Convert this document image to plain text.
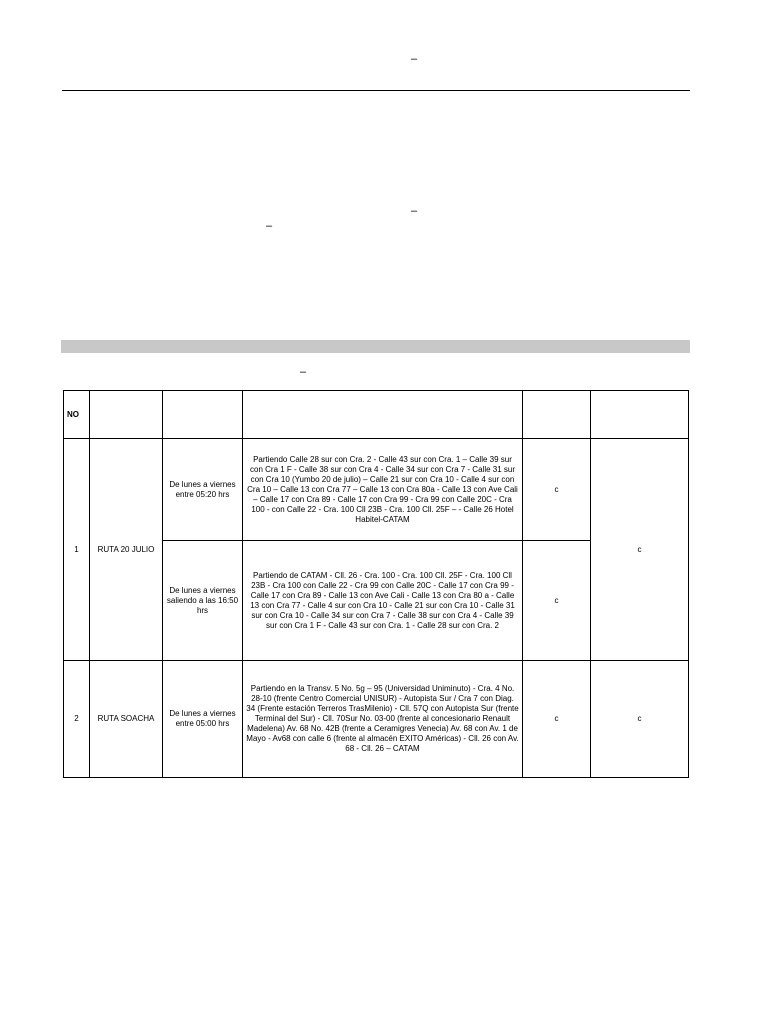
–
–
–
–
NO					
1	RUTA 20 JULIO	De lunes a viernes entre 05:20 hrs	Partiendo Calle 28 sur con Cra. 2 - Calle 43 sur con Cra. 1 – Calle 39 sur con Cra 1 F - Calle 38 sur con Cra 4 - Calle 34 sur con Cra 7 - Calle 31 sur con Cra 10 (Yumbo 20 de julio) – Calle 21 sur con Cra 10 - Calle 4 sur con Cra 10 – Calle 13 con Cra 77 – Calle 13 con Cra 80a - Calle 13 con Ave Cali – Calle 17 con Cra 89 - Calle 17 con Cra 99 - Cra 99 con Calle 20C - Cra 100 - con Calle 22 - Cra. 100 Cll 23B - Cra. 100 Cll. 25F – - Calle 26 Hotel Habitel-CATAM	c	c
		De lunes a viernes saliendo a las 16:50 hrs	Partiendo de CATAM - Cll. 26 - Cra. 100 - Cra. 100 Cll. 25F - Cra. 100 Cll 23B - Cra 100 con Calle 22 - Cra 99 con Calle 20C - Calle 17 con Cra 99 - Calle 17 con Cra 89 - Calle 13 con Ave Cali - Calle 13 con Cra 80 a - Calle 13 con Cra 77 - Calle 4 sur con Cra 10 - Calle 21 sur con Cra 10 - Calle 31 sur con Cra 10 - Calle 34 sur con Cra 7 - Calle 38 sur con Cra 4 - Calle 39 sur con Cra 1 F - Calle 43 sur con Cra. 1 - Calle 28 sur con Cra. 2	c	
2	RUTA SOACHA	De lunes a viernes entre 05:00 hrs	Partiendo en la Transv. 5 No. 5g – 95 (Universidad Uniminuto) - Cra. 4 No. 28-10 (frente Centro Comercial UNISUR) - Autopista Sur / Cra 7 con Diag. 34 (Frente estación Terreros TrasMilenio) - Cll. 57Q con Autopista Sur (frente Terminal del Sur) - Cll. 70Sur No. 03-00 (frente al concesionario Renault Madelena) Av. 68 No. 42B (frente a Ceramigres Venecia) Av. 68 con Av. 1 de Mayo - Av68 con calle 6 (frente al almacén EXITO Américas) - Cll. 26 con Av. 68 - Cll. 26 – CATAM	c	c
